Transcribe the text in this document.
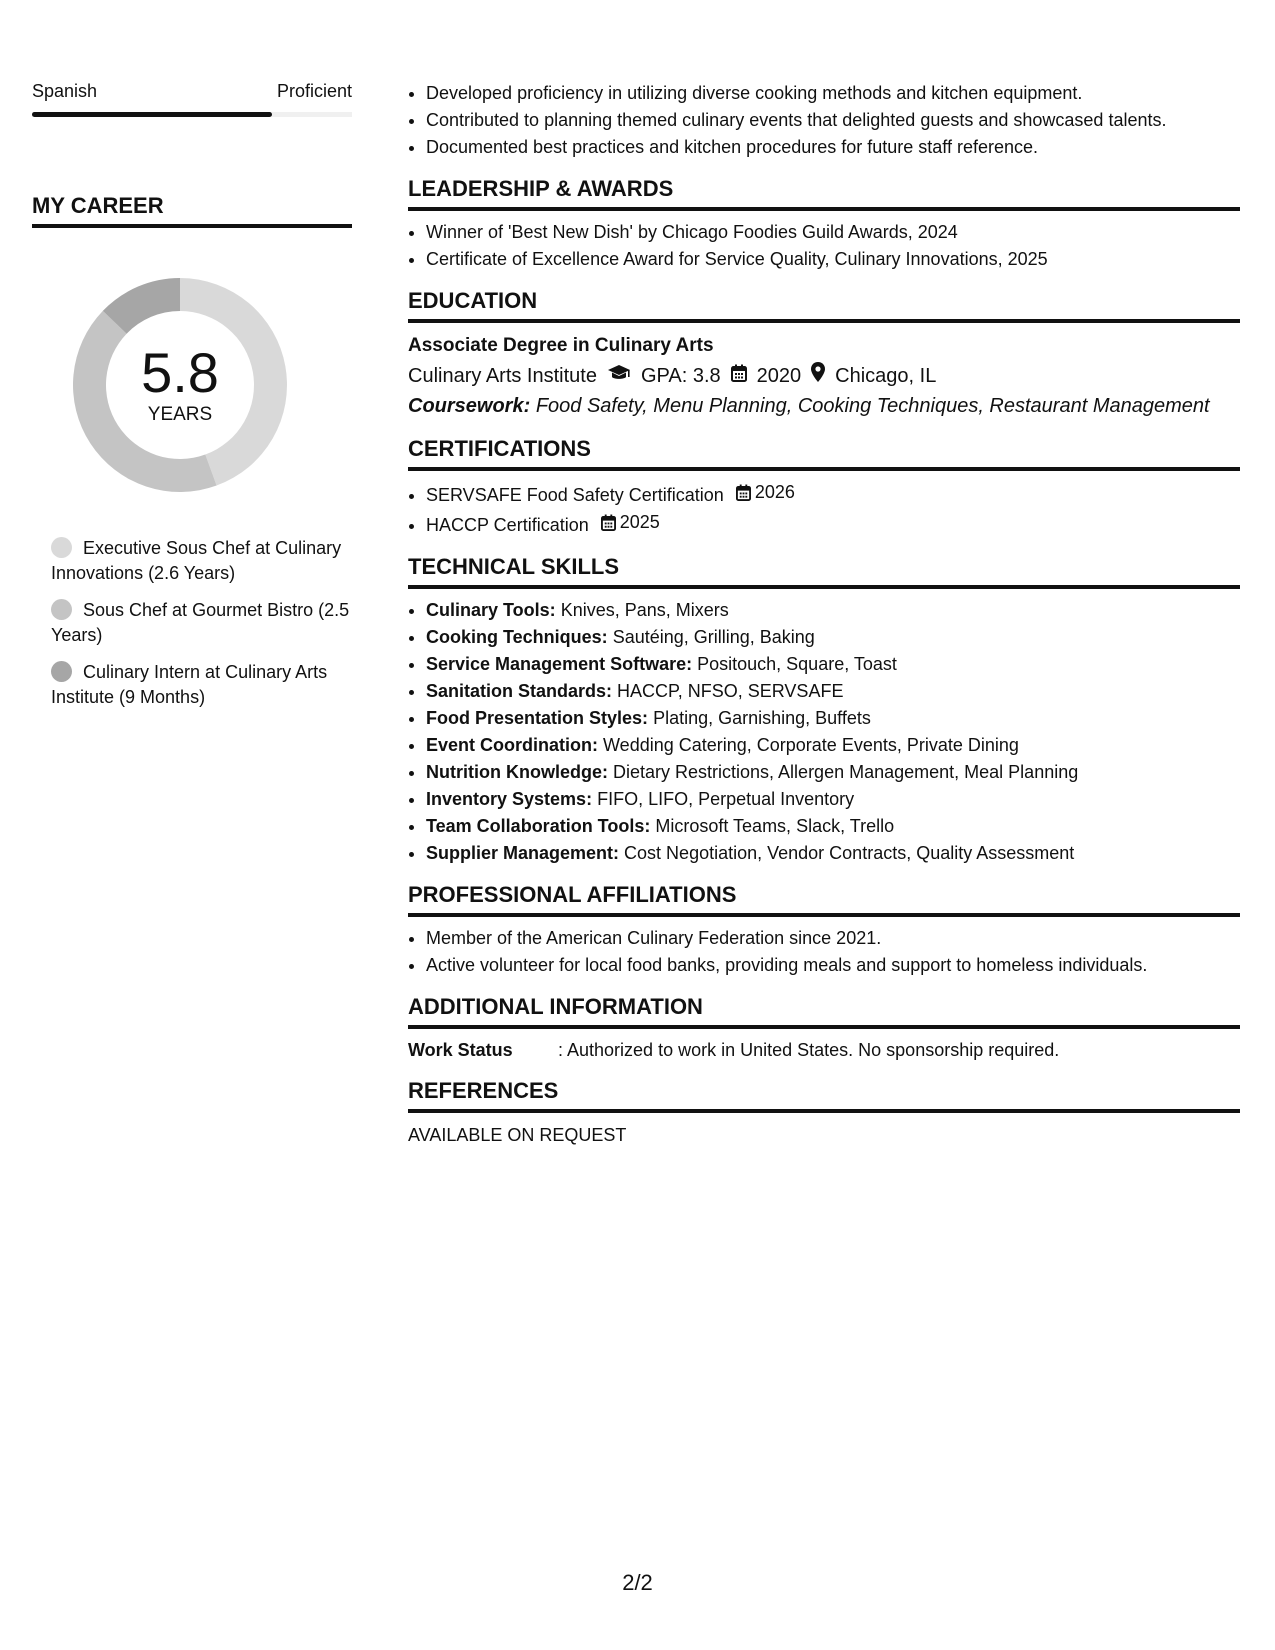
Spanish	Proficient
MY CAREER
5.8
YEARS
Executive Sous Chef at Culinary Innovations (2.6 Years)
Sous Chef at Gourmet Bistro (2.5 Years)
Culinary Intern at Culinary Arts Institute (9 Months)
• Developed proficiency in utilizing diverse cooking methods and kitchen equipment.
• Contributed to planning themed culinary events that delighted guests and showcased talents.
• Documented best practices and kitchen procedures for future staff reference.
LEADERSHIP & AWARDS
• Winner of 'Best New Dish' by Chicago Foodies Guild Awards, 2024
• Certificate of Excellence Award for Service Quality, Culinary Innovations, 2025
EDUCATION
Associate Degree in Culinary Arts
Culinary Arts Institute GPA: 3.8 2020 Chicago, IL
Coursework: Food Safety, Menu Planning, Cooking Techniques, Restaurant Management
CERTIFICATIONS
• SERVSAFE Food Safety Certification 2026
• HACCP Certification 2025
TECHNICAL SKILLS
• Culinary Tools: Knives, Pans, Mixers
• Cooking Techniques: Sautéing, Grilling, Baking
• Service Management Software: Positouch, Square, Toast
• Sanitation Standards: HACCP, NFSO, SERVSAFE
• Food Presentation Styles: Plating, Garnishing, Buffets
• Event Coordination: Wedding Catering, Corporate Events, Private Dining
• Nutrition Knowledge: Dietary Restrictions, Allergen Management, Meal Planning
• Inventory Systems: FIFO, LIFO, Perpetual Inventory
• Team Collaboration Tools: Microsoft Teams, Slack, Trello
• Supplier Management: Cost Negotiation, Vendor Contracts, Quality Assessment
PROFESSIONAL AFFILIATIONS
• Member of the American Culinary Federation since 2021.
• Active volunteer for local food banks, providing meals and support to homeless individuals.
ADDITIONAL INFORMATION
Work Status	: Authorized to work in United States. No sponsorship required.
REFERENCES
AVAILABLE ON REQUEST
2/2
